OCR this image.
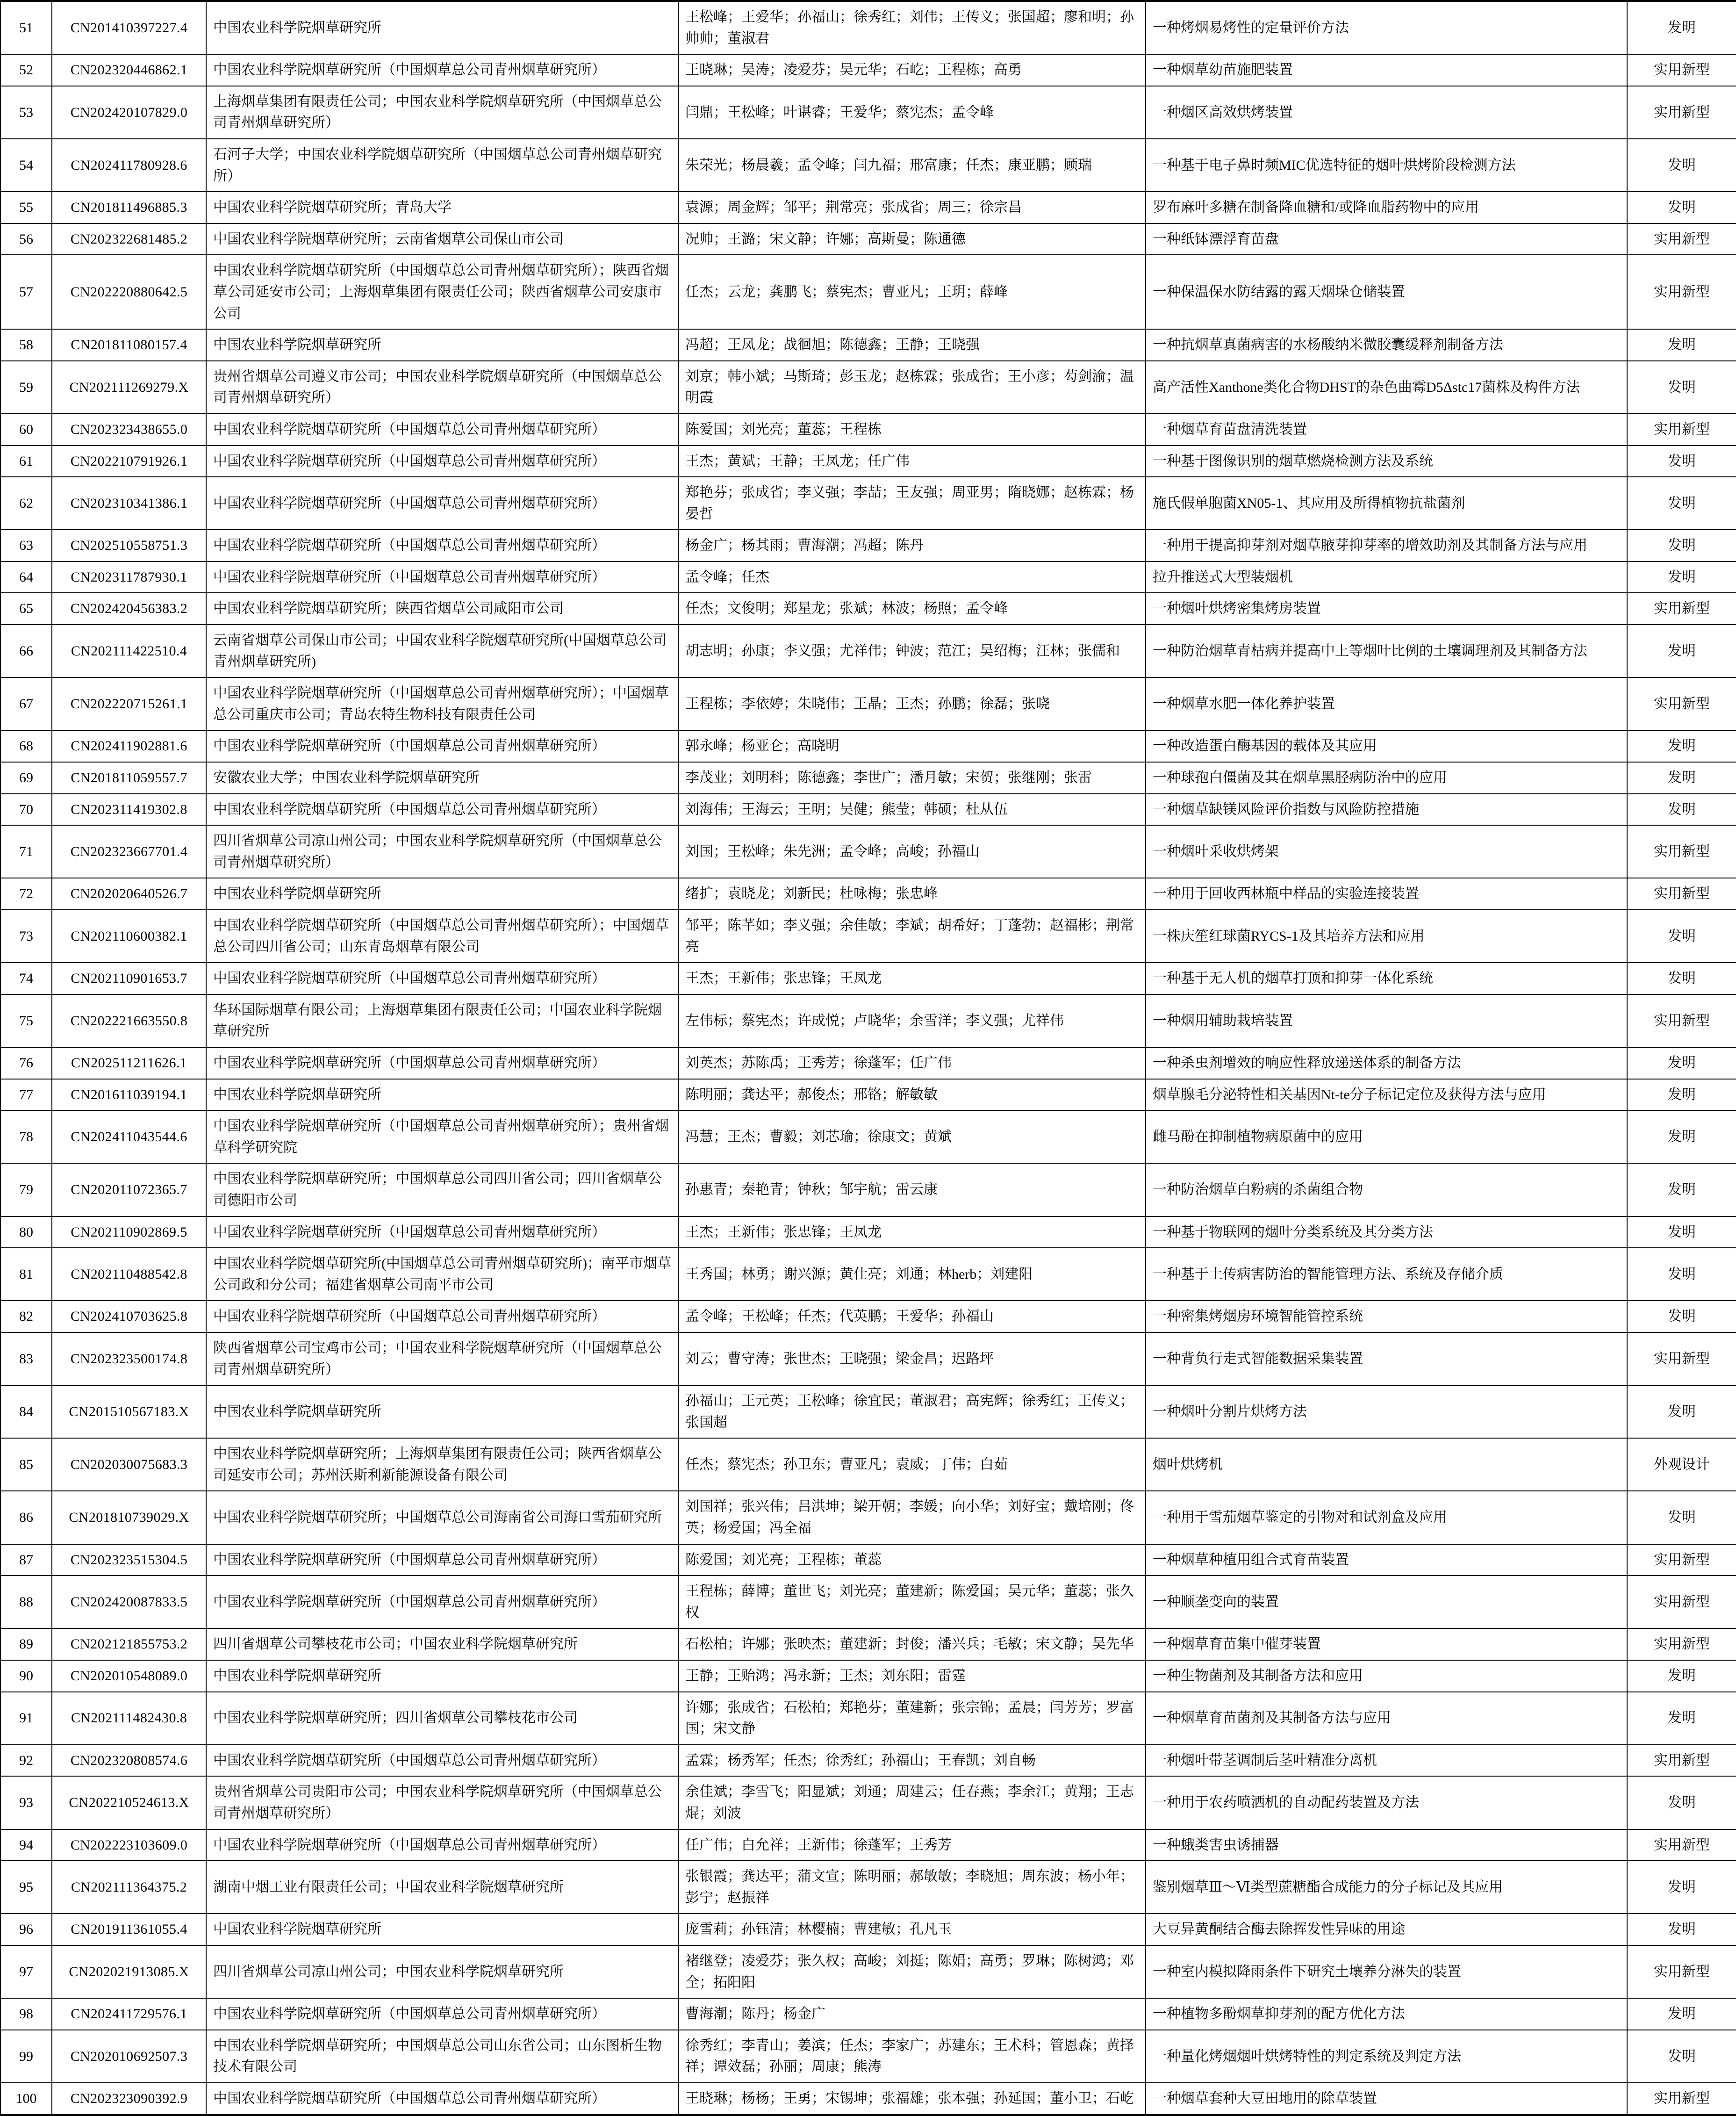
51	CN201410397227.4	中国农业科学院烟草研究所	王松峰；王爱华；孙福山；徐秀红；刘伟；王传义；张国超；廖和明；孙帅帅；董淑君	一种烤烟易烤性的定量评价方法	发明
52	CN202320446862.1	中国农业科学院烟草研究所（中国烟草总公司青州烟草研究所）	王晓琳；吴涛；凌爱芬；吴元华；石屹；王程栋；高勇	一种烟草幼苗施肥装置	实用新型
53	CN202420107829.0	上海烟草集团有限责任公司；中国农业科学院烟草研究所（中国烟草总公司青州烟草研究所）	闫鼎；王松峰；叶谌睿；王爱华；蔡宪杰；孟令峰	一种烟区高效烘烤装置	实用新型
54	CN202411780928.6	石河子大学；中国农业科学院烟草研究所（中国烟草总公司青州烟草研究所）	朱荣光；杨晨羲；孟令峰；闫九福；邢富康；任杰；康亚鹏；顾瑞	一种基于电子鼻时频MIC优选特征的烟叶烘烤阶段检测方法	发明
55	CN201811496885.3	中国农业科学院烟草研究所；青岛大学	袁源；周金辉；邹平；荆常亮；张成省；周三；徐宗昌	罗布麻叶多糖在制备降血糖和/或降血脂药物中的应用	发明
56	CN202322681485.2	中国农业科学院烟草研究所；云南省烟草公司保山市公司	况帅；王潞；宋文静；许娜；高斯曼；陈通德	一种纸钵漂浮育苗盘	实用新型
57	CN202220880642.5	中国农业科学院烟草研究所（中国烟草总公司青州烟草研究所）；陕西省烟草公司延安市公司；上海烟草集团有限责任公司；陕西省烟草公司安康市公司	任杰；云龙；龚鹏飞；蔡宪杰；曹亚凡；王玥；薛峰	一种保温保水防结露的露天烟垛仓储装置	实用新型
58	CN201811080157.4	中国农业科学院烟草研究所	冯超；王凤龙；战徊旭；陈德鑫；王静；王晓强	一种抗烟草真菌病害的水杨酸纳米微胶囊缓释剂制备方法	发明
59	CN202111269279.X	贵州省烟草公司遵义市公司；中国农业科学院烟草研究所（中国烟草总公司青州烟草研究所）	刘京；韩小斌；马斯琦；彭玉龙；赵栋霖；张成省；王小彦；芶剑渝；温明霞	高产活性Xanthone类化合物DHST的杂色曲霉D5Δstc17菌株及构件方法	发明
60	CN202323438655.0	中国农业科学院烟草研究所（中国烟草总公司青州烟草研究所）	陈爱国；刘光亮；董蕊；王程栋	一种烟草育苗盘清洗装置	实用新型
61	CN202210791926.1	中国农业科学院烟草研究所（中国烟草总公司青州烟草研究所）	王杰；黄斌；王静；王凤龙；任广伟	一种基于图像识别的烟草燃烧检测方法及系统	发明
62	CN202310341386.1	中国农业科学院烟草研究所（中国烟草总公司青州烟草研究所）	郑艳芬；张成省；李义强；李喆；王友强；周亚男；隋晓娜；赵栋霖；杨晏哲	施氏假单胞菌XN05-1、其应用及所得植物抗盐菌剂	发明
63	CN202510558751.3	中国农业科学院烟草研究所（中国烟草总公司青州烟草研究所）	杨金广；杨其雨；曹海潮；冯超；陈丹	一种用于提高抑芽剂对烟草腋芽抑芽率的增效助剂及其制备方法与应用	发明
64	CN202311787930.1	中国农业科学院烟草研究所（中国烟草总公司青州烟草研究所）	孟令峰；任杰	拉升推送式大型装烟机	发明
65	CN202420456383.2	中国农业科学院烟草研究所；陕西省烟草公司咸阳市公司	任杰；文俊明；郑星龙；张斌；林波；杨照；孟令峰	一种烟叶烘烤密集烤房装置	实用新型
66	CN202111422510.4	云南省烟草公司保山市公司；中国农业科学院烟草研究所(中国烟草总公司青州烟草研究所)	胡志明；孙康；李义强；尤祥伟；钟波；范江；吴绍梅；汪林；张儒和	一种防治烟草青枯病并提高中上等烟叶比例的土壤调理剂及其制备方法	发明
67	CN202220715261.1	中国农业科学院烟草研究所（中国烟草总公司青州烟草研究所）；中国烟草总公司重庆市公司；青岛农特生物科技有限责任公司	王程栋；李依婷；朱晓伟；王晶；王杰；孙鹏；徐磊；张晓	一种烟草水肥一体化养护装置	实用新型
68	CN202411902881.6	中国农业科学院烟草研究所（中国烟草总公司青州烟草研究所）	郭永峰；杨亚仑；高晓明	一种改造蛋白酶基因的载体及其应用	发明
69	CN201811059557.7	安徽农业大学；中国农业科学院烟草研究所	李茂业；刘明科；陈德鑫；李世广；潘月敏；宋贺；张继刚；张雷	一种球孢白僵菌及其在烟草黑胫病防治中的应用	发明
70	CN202311419302.8	中国农业科学院烟草研究所（中国烟草总公司青州烟草研究所）	刘海伟；王海云；王明；吴健；熊莹；韩硕；杜从伍	一种烟草缺镁风险评价指数与风险防控措施	发明
71	CN202323667701.4	四川省烟草公司凉山州公司；中国农业科学院烟草研究所（中国烟草总公司青州烟草研究所）	刘国；王松峰；朱先洲；孟令峰；高峻；孙福山	一种烟叶采收烘烤架	实用新型
72	CN202020640526.7	中国农业科学院烟草研究所	绪扩；袁晓龙；刘新民；杜咏梅；张忠峰	一种用于回收西林瓶中样品的实验连接装置	实用新型
73	CN202110600382.1	中国农业科学院烟草研究所（中国烟草总公司青州烟草研究所）；中国烟草总公司四川省公司；山东青岛烟草有限公司	邹平；陈芊如；李义强；余佳敏；李斌；胡希好；丁蓬勃；赵福彬；荆常亮	一株庆笙红球菌RYCS-1及其培养方法和应用	发明
74	CN202110901653.7	中国农业科学院烟草研究所（中国烟草总公司青州烟草研究所）	王杰；王新伟；张忠锋；王凤龙	一种基于无人机的烟草打顶和抑芽一体化系统	发明
75	CN202221663550.8	华环国际烟草有限公司；上海烟草集团有限责任公司；中国农业科学院烟草研究所	左伟标；蔡宪杰；许成悦；卢晓华；余雪洋；李义强；尤祥伟	一种烟用辅助栽培装置	实用新型
76	CN202511211626.1	中国农业科学院烟草研究所（中国烟草总公司青州烟草研究所）	刘英杰；苏陈禹；王秀芳；徐蓬军；任广伟	一种杀虫剂增效的响应性释放递送体系的制备方法	发明
77	CN201611039194.1	中国农业科学院烟草研究所	陈明丽；龚达平；郝俊杰；邢铬；解敏敏	烟草腺毛分泌特性相关基因Nt-te分子标记定位及获得方法与应用	发明
78	CN202411043544.6	中国农业科学院烟草研究所（中国烟草总公司青州烟草研究所）；贵州省烟草科学研究院	冯慧；王杰；曹毅；刘芯瑜；徐康文；黄斌	雌马酚在抑制植物病原菌中的应用	发明
79	CN202011072365.7	中国农业科学院烟草研究所；中国烟草总公司四川省公司；四川省烟草公司德阳市公司	孙惠青；秦艳青；钟秋；邹宇航；雷云康	一种防治烟草白粉病的杀菌组合物	发明
80	CN202110902869.5	中国农业科学院烟草研究所（中国烟草总公司青州烟草研究所）	王杰；王新伟；张忠锋；王凤龙	一种基于物联网的烟叶分类系统及其分类方法	发明
81	CN202110488542.8	中国农业科学院烟草研究所(中国烟草总公司青州烟草研究所)；南平市烟草公司政和分公司；福建省烟草公司南平市公司	王秀国；林勇；谢兴源；黄仕亮；刘通；林herb；刘建阳	一种基于土传病害防治的智能管理方法、系统及存储介质	发明
82	CN202410703625.8	中国农业科学院烟草研究所（中国烟草总公司青州烟草研究所）	孟令峰；王松峰；任杰；代英鹏；王爱华；孙福山	一种密集烤烟房环境智能管控系统	发明
83	CN202323500174.8	陕西省烟草公司宝鸡市公司；中国农业科学院烟草研究所（中国烟草总公司青州烟草研究所）	刘云；曹守涛；张世杰；王晓强；梁金昌；迟路坪	一种背负行走式智能数据采集装置	实用新型
84	CN201510567183.X	中国农业科学院烟草研究所	孙福山；王元英；王松峰；徐宜民；董淑君；高宪辉；徐秀红；王传义；张国超	一种烟叶分割片烘烤方法	发明
85	CN202030075683.3	中国农业科学院烟草研究所；上海烟草集团有限责任公司；陕西省烟草公司延安市公司；苏州沃斯利新能源设备有限公司	任杰；蔡宪杰；孙卫东；曹亚凡；袁威；丁伟；白茹	烟叶烘烤机	外观设计
86	CN201810739029.X	中国农业科学院烟草研究所；中国烟草总公司海南省公司海口雪茄研究所	刘国祥；张兴伟；吕洪坤；梁开朝；李媛；向小华；刘好宝；戴培刚；佟英；杨爱国；冯全福	一种用于雪茄烟草鉴定的引物对和试剂盒及应用	发明
87	CN202323515304.5	中国农业科学院烟草研究所（中国烟草总公司青州烟草研究所）	陈爱国；刘光亮；王程栋；董蕊	一种烟草种植用组合式育苗装置	实用新型
88	CN202420087833.5	中国农业科学院烟草研究所（中国烟草总公司青州烟草研究所）	王程栋；薛博；董世飞；刘光亮；董建新；陈爱国；吴元华；董蕊；张久权	一种顺垄变向的装置	实用新型
89	CN202121855753.2	四川省烟草公司攀枝花市公司；中国农业科学院烟草研究所	石松柏；许娜；张映杰；董建新；封俊；潘兴兵；毛敏；宋文静；吴先华	一种烟草育苗集中催芽装置	实用新型
90	CN202010548089.0	中国农业科学院烟草研究所	王静；王贻鸿；冯永新；王杰；刘东阳；雷霆	一种生物菌剂及其制备方法和应用	发明
91	CN202111482430.8	中国农业科学院烟草研究所；四川省烟草公司攀枝花市公司	许娜；张成省；石松柏；郑艳芬；董建新；张宗锦；孟晨；闫芳芳；罗富国；宋文静	一种烟草育苗菌剂及其制备方法与应用	发明
92	CN202320808574.6	中国农业科学院烟草研究所（中国烟草总公司青州烟草研究所）	孟霖；杨秀军；任杰；徐秀红；孙福山；王春凯；刘自畅	一种烟叶带茎调制后茎叶精准分离机	实用新型
93	CN202210524613.X	贵州省烟草公司贵阳市公司；中国农业科学院烟草研究所（中国烟草总公司青州烟草研究所）	余佳斌；李雪飞；阳显斌；刘通；周建云；任春燕；李余江；黄翔；王志焜；刘波	一种用于农药喷洒机的自动配药装置及方法	发明
94	CN202223103609.0	中国农业科学院烟草研究所（中国烟草总公司青州烟草研究所）	任广伟；白允祥；王新伟；徐蓬军；王秀芳	一种蛾类害虫诱捕器	实用新型
95	CN202111364375.2	湖南中烟工业有限责任公司；中国农业科学院烟草研究所	张银霞；龚达平；蒲文宣；陈明丽；郝敏敏；李晓旭；周东波；杨小年；彭宁；赵振祥	鉴别烟草Ⅲ～Ⅵ类型蔗糖酯合成能力的分子标记及其应用	发明
96	CN201911361055.4	中国农业科学院烟草研究所	庞雪莉；孙钰清；林樱楠；曹建敏；孔凡玉	大豆异黄酮结合酶去除挥发性异味的用途	发明
97	CN202021913085.X	四川省烟草公司凉山州公司；中国农业科学院烟草研究所	褚继登；凌爱芬；张久权；高峻；刘挺；陈娟；高勇；罗琳；陈树鸿；邓全；拓阳阳	一种室内模拟降雨条件下研究土壤养分淋失的装置	实用新型
98	CN202411729576.1	中国农业科学院烟草研究所（中国烟草总公司青州烟草研究所）	曹海潮；陈丹；杨金广	一种植物多酚烟草抑芽剂的配方优化方法	发明
99	CN202010692507.3	中国农业科学院烟草研究所；中国烟草总公司山东省公司；山东图析生物技术有限公司	徐秀红；李青山；姜滨；任杰；李家广；苏建东；王术科；管恩森；黄择祥；谭效磊；孙丽；周康；熊涛	一种量化烤烟烟叶烘烤特性的判定系统及判定方法	发明
100	CN202323090392.9	中国农业科学院烟草研究所（中国烟草总公司青州烟草研究所）	王晓琳；杨杨；王勇；宋锡坤；张福雄；张本强；孙延国；董小卫；石屹	一种烟草套种大豆田地用的除草装置	实用新型
